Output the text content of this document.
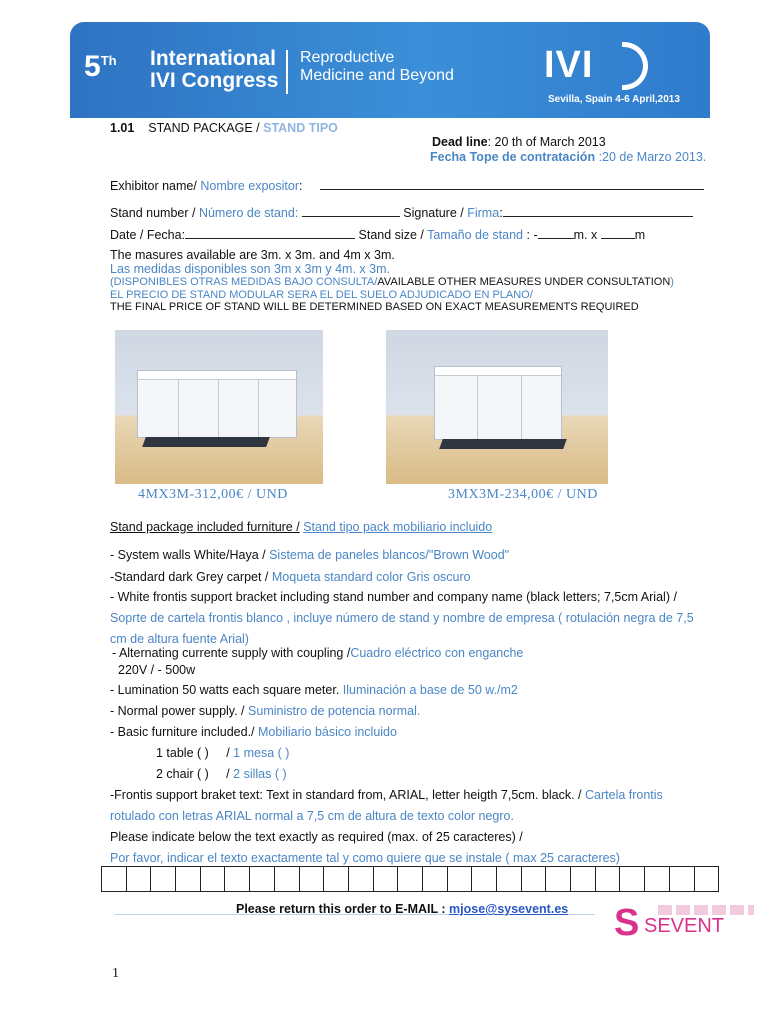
5Th International
IVI Congress
Reproductive
Medicine and Beyond IVI
Sevilla, Spain 4-6 April,2013
1.01 STAND PACKAGE / STAND TIPO
Dead line: 20 th of March 2013
Fecha Tope de contratación :20 de Marzo 2013.
Exhibitor name/ Nombre expositor:
Stand number / Número de stand:	Signature / Firma:
Date / Fecha:	Stand size / Tamaño de stand : -	m. x	m
The masures available are 3m. x 3m. and 4m x 3m.
Las medidas disponibles son 3m x 3m y 4m. x 3m.
(DISPONIBLES OTRAS MEDIDAS BAJO CONSULTA/AVAILABLE OTHER MEASURES UNDER CONSULTATION)
EL PRECIO DE STAND MODULAR SERA EL DEL SUELO ADJUDICADO EN PLANO/
THE FINAL PRICE OF STAND WILL BE DETERMINED BASED ON EXACT MEASUREMENTS REQUIRED
4MX3M-312,00€ / UND	3MX3M-234,00€ / UND
Stand package included furniture / Stand tipo pack mobiliario incluido
- System walls White/Haya / Sistema de paneles blancos/"Brown Wood"
-Standard dark Grey carpet / Moqueta standard color Gris oscuro
- White frontis support bracket including stand number and company name (black letters; 7,5cm Arial) /
Soprte de cartela frontis blanco , incluye número de stand y nombre de empresa ( rotulación negra de 7,5
cm de altura fuente Arial)
- Alternating currente supply with coupling /Cuadro eléctrico con enganche
220V / - 500w
- Lumination 50 watts each square meter. Iluminación a base de 50 w./m2
- Normal power supply. / Suministro de potencia normal.
- Basic furniture included./ Mobiliario básico incluido
1 table ( ) / 1 mesa ( )
2 chair ( ) / 2 sillas ( )
-Frontis support braket text: Text in standard from, ARIAL, letter heigth 7,5cm. black. / Cartela frontis
rotulado con letras ARIAL normal a 7,5 cm de altura de texto color negro.
Please indicate below the text exactly as required (max. of 25 caracteres) /
Por favor, indicar el texto exactamente tal y como quiere que se instale ( max 25 caracteres)
Please return this order to E-MAIL : mjose@sysevent.es S SEVENT
1
